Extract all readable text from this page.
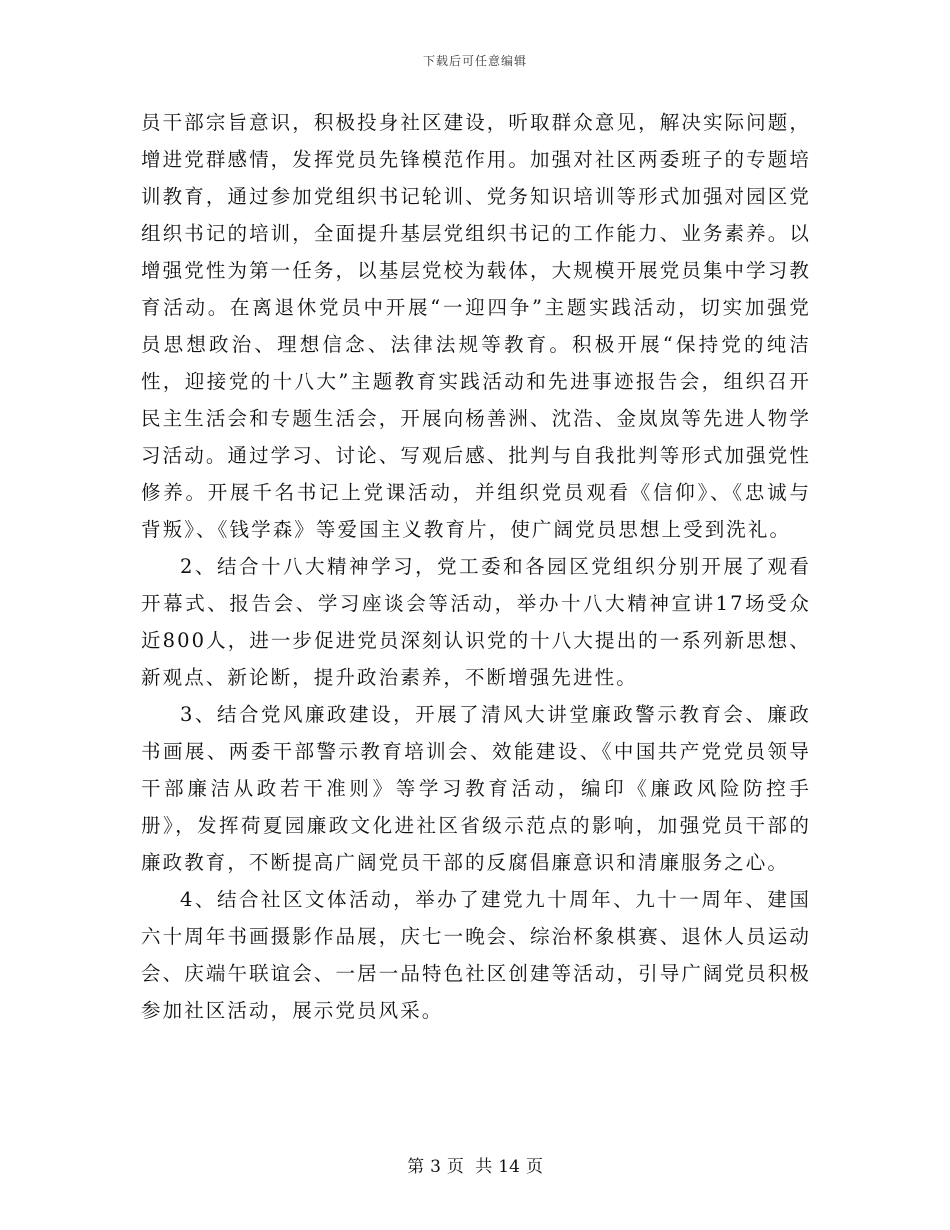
下载后可任意编辑

员干部宗旨意识，积极投身社区建设，听取群众意见，解决实际问题，增进党群感情，发挥党员先锋模范作用。加强对社区两委班子的专题培训教育，通过参加党组织书记轮训、党务知识培训等形式加强对园区党组织书记的培训，全面提升基层党组织书记的工作能力、业务素养。以增强党性为第一任务，以基层党校为载体，大规模开展党员集中学习教育活动。在离退休党员中开展“一迎四争”主题实践活动，切实加强党员思想政治、理想信念、法律法规等教育。积极开展“保持党的纯洁性，迎接党的十八大”主题教育实践活动和先进事迹报告会，组织召开民主生活会和专题生活会，开展向杨善洲、沈浩、金岚岚等先进人物学习活动。通过学习、讨论、写观后感、批判与自我批判等形式加强党性修养。开展千名书记上党课活动，并组织党员观看《信仰》、《忠诚与背叛》、《钱学森》等爱国主义教育片，使广阔党员思想上受到洗礼。

2、结合十八大精神学习，党工委和各园区党组织分别开展了观看开幕式、报告会、学习座谈会等活动，举办十八大精神宣讲17场受众近800人，进一步促进党员深刻认识党的十八大提出的一系列新思想、新观点、新论断，提升政治素养，不断增强先进性。

3、结合党风廉政建设，开展了清风大讲堂廉政警示教育会、廉政书画展、两委干部警示教育培训会、效能建设、《中国共产党党员领导干部廉洁从政若干准则》等学习教育活动，编印《廉政风险防控手册》，发挥荷夏园廉政文化进社区省级示范点的影响，加强党员干部的廉政教育，不断提高广阔党员干部的反腐倡廉意识和清廉服务之心。

4、结合社区文体活动，举办了建党九十周年、九十一周年、建国六十周年书画摄影作品展，庆七一晚会、综治杯象棋赛、退休人员运动会、庆端午联谊会、一居一品特色社区创建等活动，引导广阔党员积极参加社区活动，展示党员风采。

第 3 页 共 14 页
